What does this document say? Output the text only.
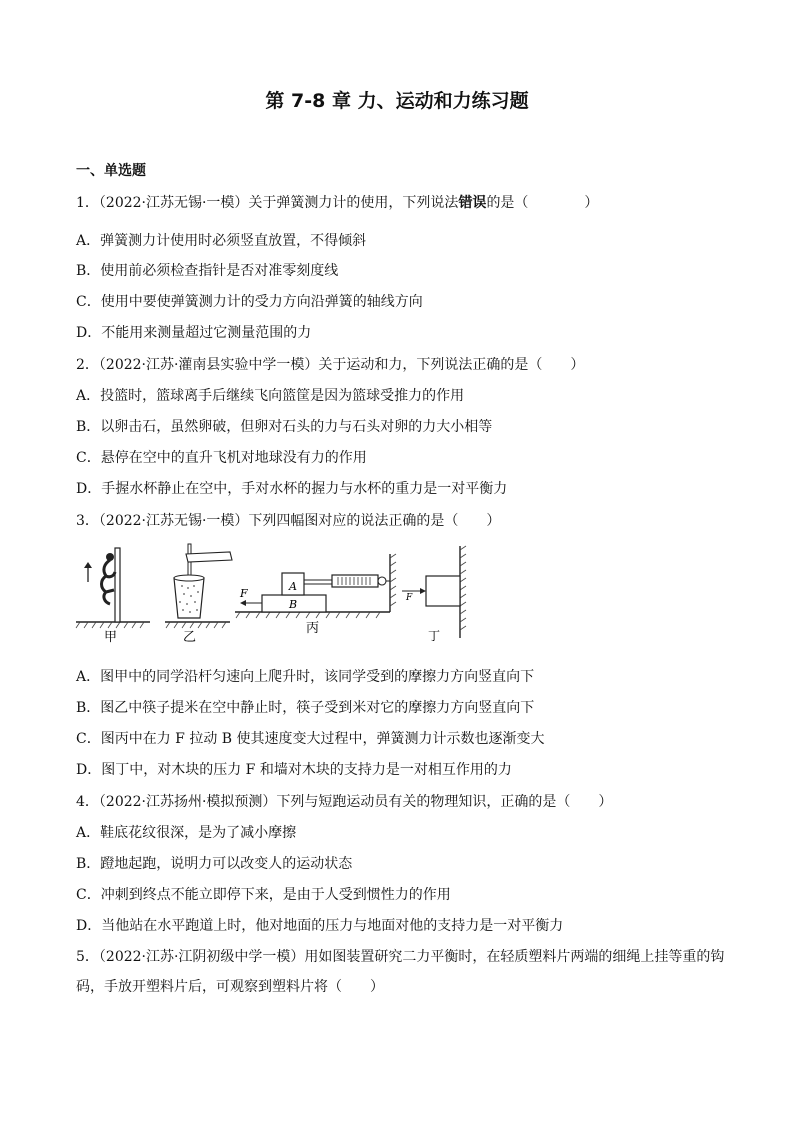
第 7-8 章 力、运动和力练习题
一、单选题
1．（2022·江苏无锡·一模）关于弹簧测力计的使用，下列说法错误的是（　　　　）
A．弹簧测力计使用时必须竖直放置，不得倾斜
B．使用前必须检查指针是否对准零刻度线
C．使用中要使弹簧测力计的受力方向沿弹簧的轴线方向
D．不能用来测量超过它测量范围的力
2．（2022·江苏·灌南县实验中学一模）关于运动和力，下列说法正确的是（　　）
A．投篮时，篮球离手后继续飞向篮筐是因为篮球受推力的作用
B．以卵击石，虽然卵破，但卵对石头的力与石头对卵的力大小相等
C．悬停在空中的直升飞机对地球没有力的作用
D．手握水杯静止在空中，手对水杯的握力与水杯的重力是一对平衡力
3．（2022·江苏无锡·一模）下列四幅图对应的说法正确的是（　　）
甲	乙
A
B
F
丙
F
丁
A．图甲中的同学沿杆匀速向上爬升时，该同学受到的摩擦力方向竖直向下
B．图乙中筷子提米在空中静止时，筷子受到米对它的摩擦力方向竖直向下
C．图丙中在力 F 拉动 B 使其速度变大过程中，弹簧测力计示数也逐渐变大
D．图丁中，对木块的压力 F 和墙对木块的支持力是一对相互作用的力
4．（2022·江苏扬州·模拟预测）下列与短跑运动员有关的物理知识，正确的是（　　）
A．鞋底花纹很深，是为了减小摩擦
B．蹬地起跑，说明力可以改变人的运动状态
C．冲刺到终点不能立即停下来，是由于人受到惯性力的作用
D．当他站在水平跑道上时，他对地面的压力与地面对他的支持力是一对平衡力
5．（2022·江苏·江阴初级中学一模）用如图装置研究二力平衡时，在轻质塑料片两端的细绳上挂等重的钩
码，手放开塑料片后，可观察到塑料片将（　　）
